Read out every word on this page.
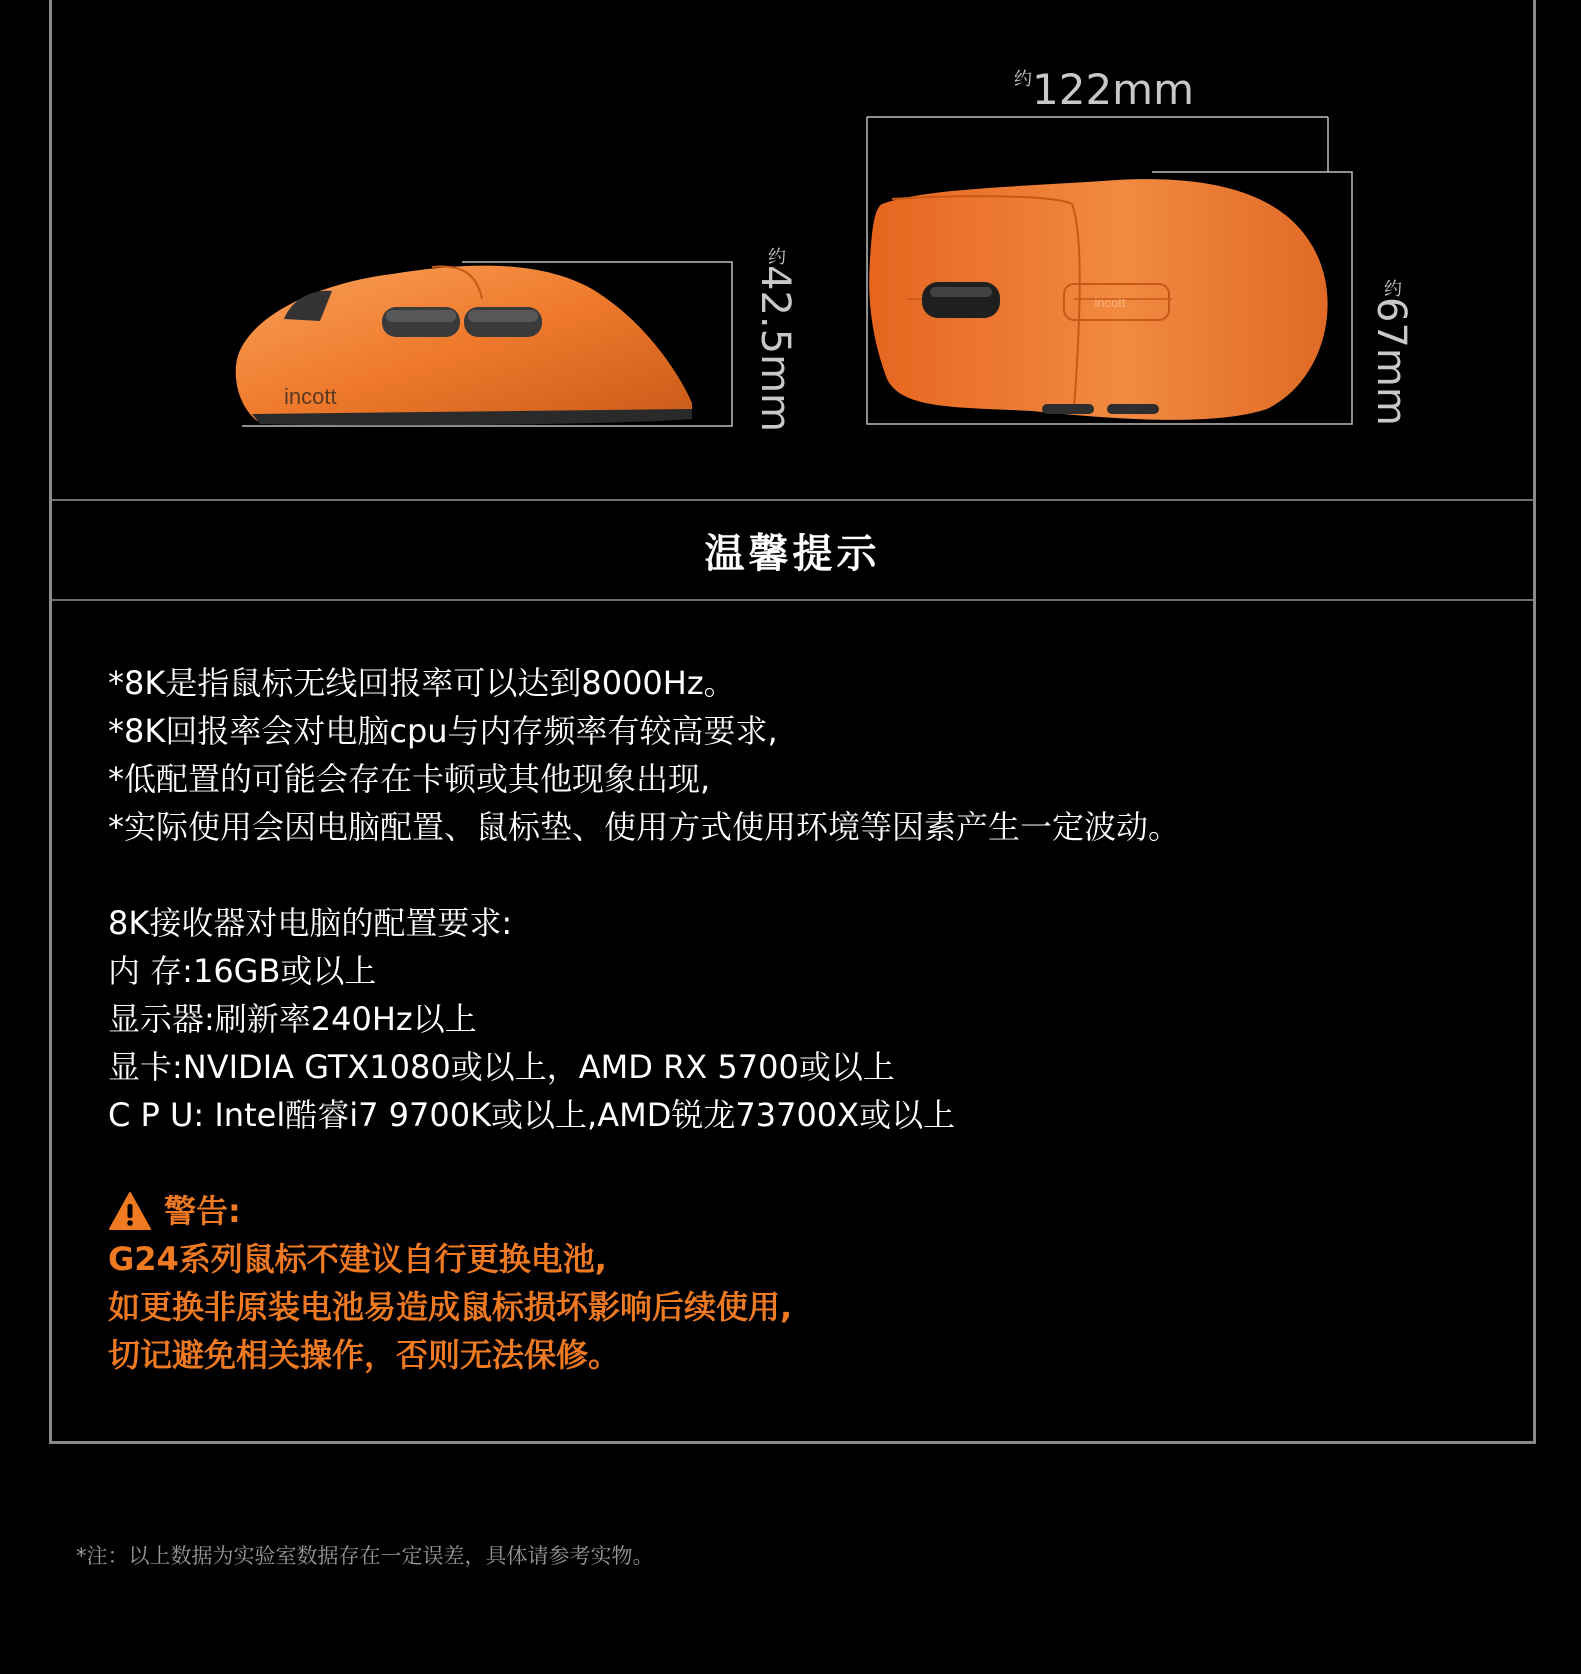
incott
incott
$^约$122mm
约42.5mm	约67mm
温馨提示
*8K是指鼠标无线回报率可以达到8000Hz。
*8K回报率会对电脑cpu与内存频率有较高要求,
*低配置的可能会存在卡顿或其他现象出现,
*实际使用会因电脑配置、鼠标垫、使用方式使用环境等因素产生一定波动。
8K接收器对电脑的配置要求:
内 存:16GB或以上
显示器:刷新率240Hz以上
显卡:NVIDIA GTX1080或以上，AMD RX 5700或以上
C P U: Intel酷睿i7 9700K或以上,AMD锐龙73700X或以上
警告:
G24系列鼠标不建议自行更换电池,
如更换非原装电池易造成鼠标损坏影响后续使用,
切记避免相关操作，否则无法保修。
*注：以上数据为实验室数据存在一定误差，具体请参考实物。
